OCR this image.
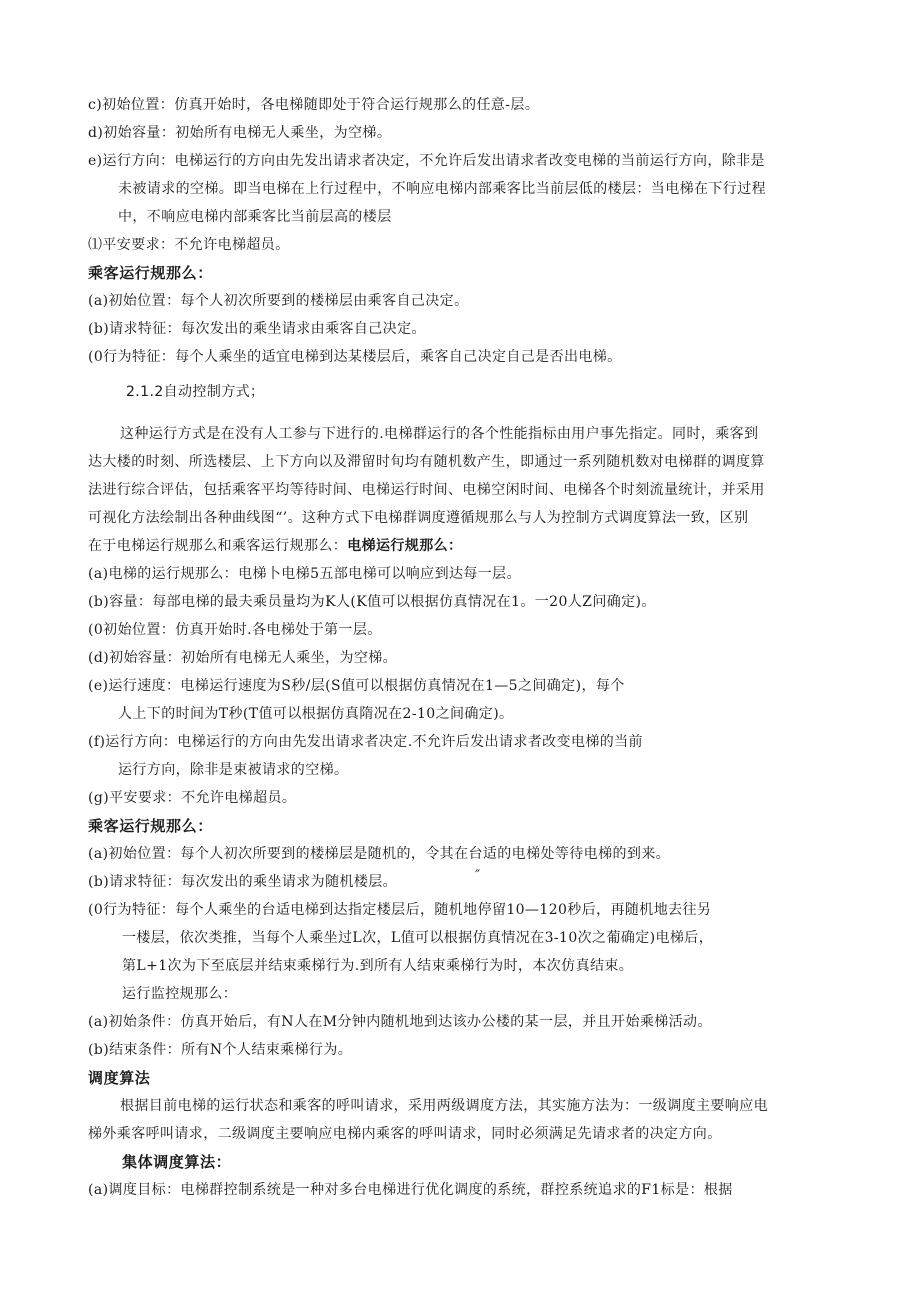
c)初始位置：仿真开始时，各电梯随即处于符合运行规那么的任意-层。
d)初始容量：初始所有电梯无人乘坐，为空梯。
e)运行方向：电梯运行的方向由先发出请求者决定，不允许后发出请求者改变电梯的当前运行方向，除非是
未被请求的空梯。即当电梯在上行过程中，不响应电梯内部乘客比当前层低的楼层：当电梯在下行过程
中，不响应电梯内部乘客比当前层高的楼层
⑴平安要求：不允许电梯超员。
乘客运行规那么：
(a)初始位置：每个人初次所要到的楼梯层由乘客自己决定。
(b)请求特征：每次发出的乘坐请求由乘客自己决定。
(0行为特征：每个人乘坐的适宜电梯到达某楼层后，乘客自己决定自己是否出电梯。
2.1.2自动控制方式；
这种运行方式是在没有人工参与下进行的.电梯群运行的各个性能指标由用户事先指定。同时，乘客到
达大楼的时刻、所选楼层、上下方向以及滞留时旬均有随机数产生，即通过一系列随机数对电梯群的调度算
法进行综合评估，包括乘客平均等待时间、电梯运行时间、电梯空闲时间、电梯各个时刻流量统计，并采用
可视化方法绘制出各种曲线图“’。这种方式下电梯群调度遵循规那么与人为控制方式调度算法一致，区别
在于电梯运行规那么和乘客运行规那么：电梯运行规那么：
(a)电梯的运行规那么：电梯卜电梯5五部电梯可以响应到达每一层。
(b)容量：每部电梯的最夫乘员量均为K人(K值可以根据仿真情况在1。一20人Z问确定)。
(0初始位置：仿真开始时.各电梯处于第一层。
(d)初始容量：初始所有电梯无人乘坐，为空梯。
(e)运行速度：电梯运行速度为S秒/层(S值可以根据仿真情况在1—5之间确定)，每个
人上下的时间为T秒(T值可以根据仿真隋况在2-10之间确定)。
(f)运行方向：电梯运行的方向由先发出请求者决定.不允许后发出请求者改变电梯的当前
运行方向，除非是束被请求的空梯。
(g)平安要求：不允许电梯超员。
乘客运行规那么：
(a)初始位置：每个人初次所要到的楼梯层是随机的，令其在台适的电梯处等待电梯的到来。
(b)请求特征：每次发出的乘坐请求为随机楼层。	″
(0行为特征：每个人乘坐的台适电梯到达指定楼层后，随机地停留10—120秒后，再随机地去往另
一楼层，依次类推，当每个人乘坐过L次，L值可以根据仿真情况在3-10次之葡确定)电梯后，
第L+1次为下至底层并结束乘梯行为.到所有人结束乘梯行为时，本次仿真结束。
运行监控规那么：
(a)初始条件：仿真开始后，有N人在M分钟内随机地到达该办公楼的某一层，并且开始乘梯活动。
(b)结束条件：所有N个人结束乘梯行为。
调度算法
根据目前电梯的运行状态和乘客的呼叫请求，采用两级调度方法，其实施方法为：一级调度主要响应电
梯外乘客呼叫请求，二级调度主要响应电梯内乘客的呼叫请求，同时必须满足先请求者的决定方向。
集体调度算法：
(a)调度目标：电梯群控制系统是一种对多台电梯进行优化调度的系统，群控系统追求的F1标是：根据
